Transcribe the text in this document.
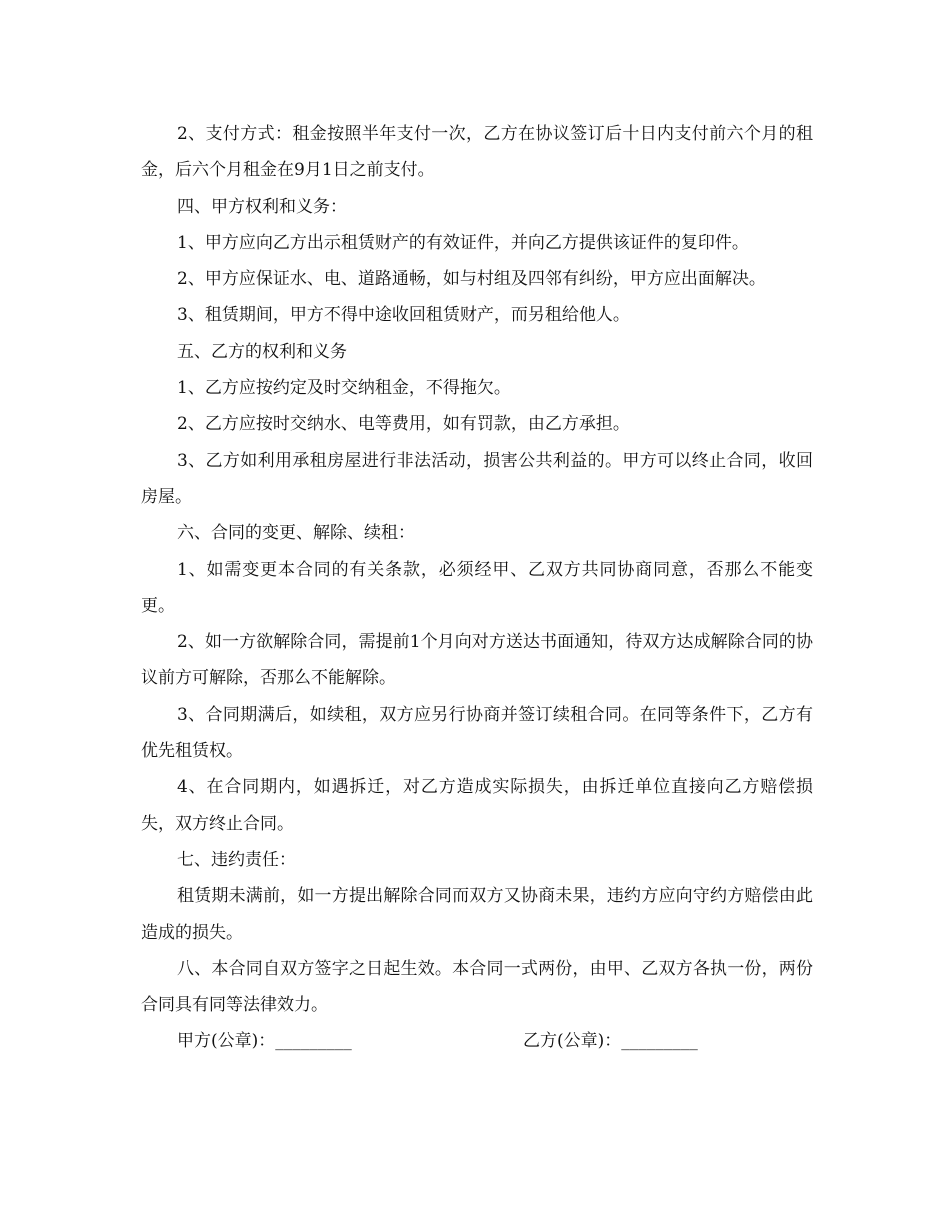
2、支付方式：租金按照半年支付一次，乙方在协议签订后十日内支付前六个月的租金，后六个月租金在9月1日之前支付。

四、甲方权利和义务：

1、甲方应向乙方出示租赁财产的有效证件，并向乙方提供该证件的复印件。

2、甲方应保证水、电、道路通畅，如与村组及四邻有纠纷，甲方应出面解决。

3、租赁期间，甲方不得中途收回租赁财产，而另租给他人。

五、乙方的权利和义务

1、乙方应按约定及时交纳租金，不得拖欠。

2、乙方应按时交纳水、电等费用，如有罚款，由乙方承担。

3、乙方如利用承租房屋进行非法活动，损害公共利益的。甲方可以终止合同，收回房屋。

六、合同的变更、解除、续租：

1、如需变更本合同的有关条款，必须经甲、乙双方共同协商同意，否那么不能变更。

2、如一方欲解除合同，需提前1个月向对方送达书面通知，待双方达成解除合同的协议前方可解除，否那么不能解除。

3、合同期满后，如续租，双方应另行协商并签订续租合同。在同等条件下，乙方有优先租赁权。

4、在合同期内，如遇拆迁，对乙方造成实际损失，由拆迁单位直接向乙方赔偿损失，双方终止合同。

七、违约责任：

租赁期未满前，如一方提出解除合同而双方又协商未果，违约方应向守约方赔偿由此造成的损失。

八、本合同自双方签字之日起生效。本合同一式两份，由甲、乙双方各执一份，两份合同具有同等法律效力。

甲方(公章)：_________	乙方(公章)：_________
